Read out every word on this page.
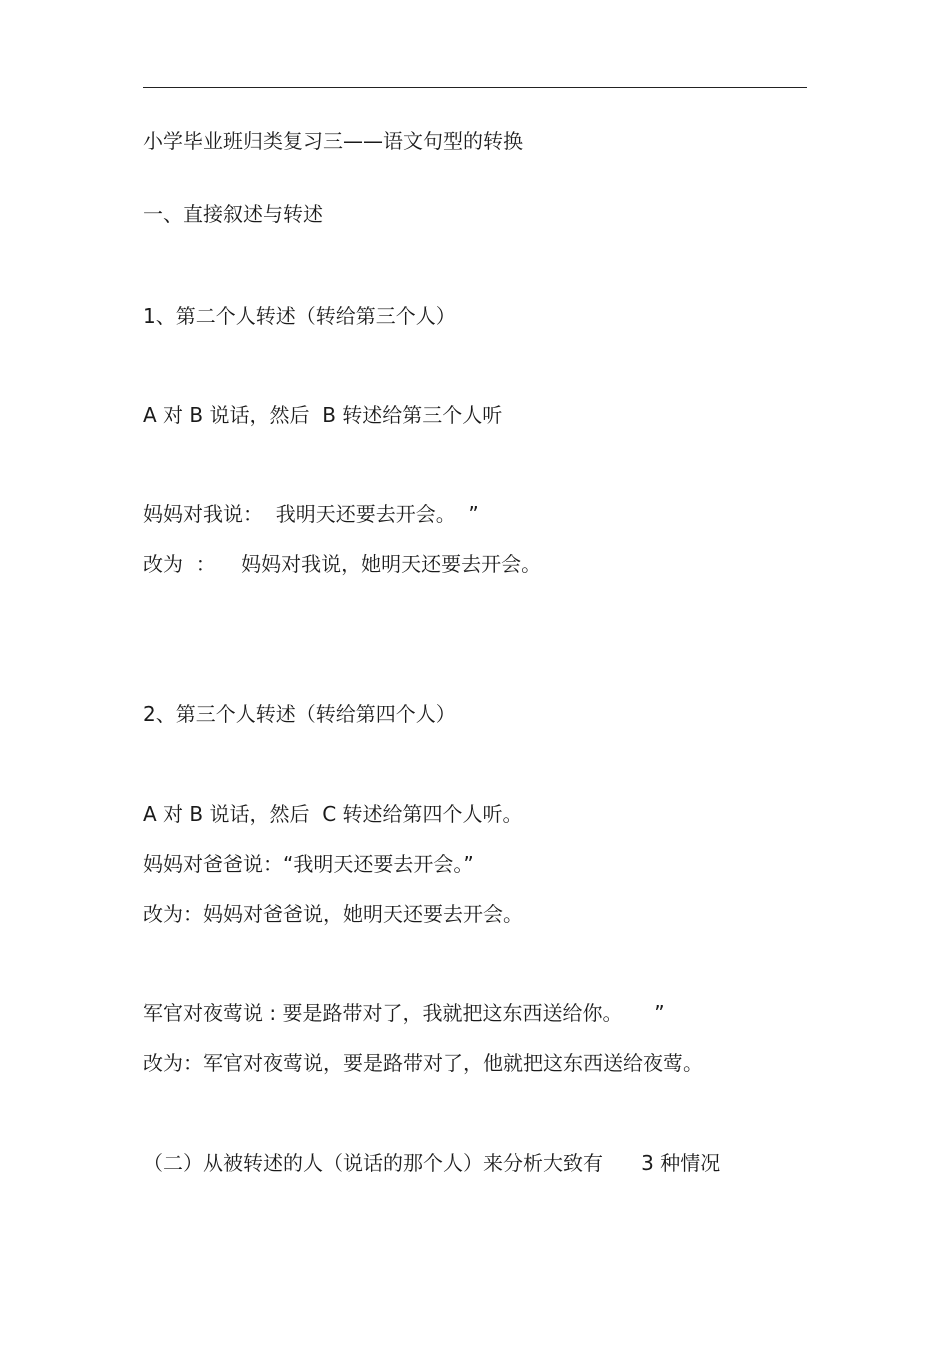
小学毕业班归类复习三——语文句型的转换
一、直接叙述与转述
1、第二个人转述（转给第三个人）
A 对 B 说话，然后  B 转述给第三个人听
妈妈对我说：  我明天还要去开会。  ”
改为  ：    妈妈对我说，她明天还要去开会。
2、第三个人转述（转给第四个人）
A 对 B 说话，然后  C 转述给第四个人听。
妈妈对爸爸说：“我明天还要去开会。”
改为：妈妈对爸爸说，她明天还要去开会。
军官对夜莺说 : 要是路带对了，我就把这东西送给你。     ”
改为：军官对夜莺说，要是路带对了，他就把这东西送给夜莺。
（二）从被转述的人（说话的那个人）来分析大致有      3 种情况
